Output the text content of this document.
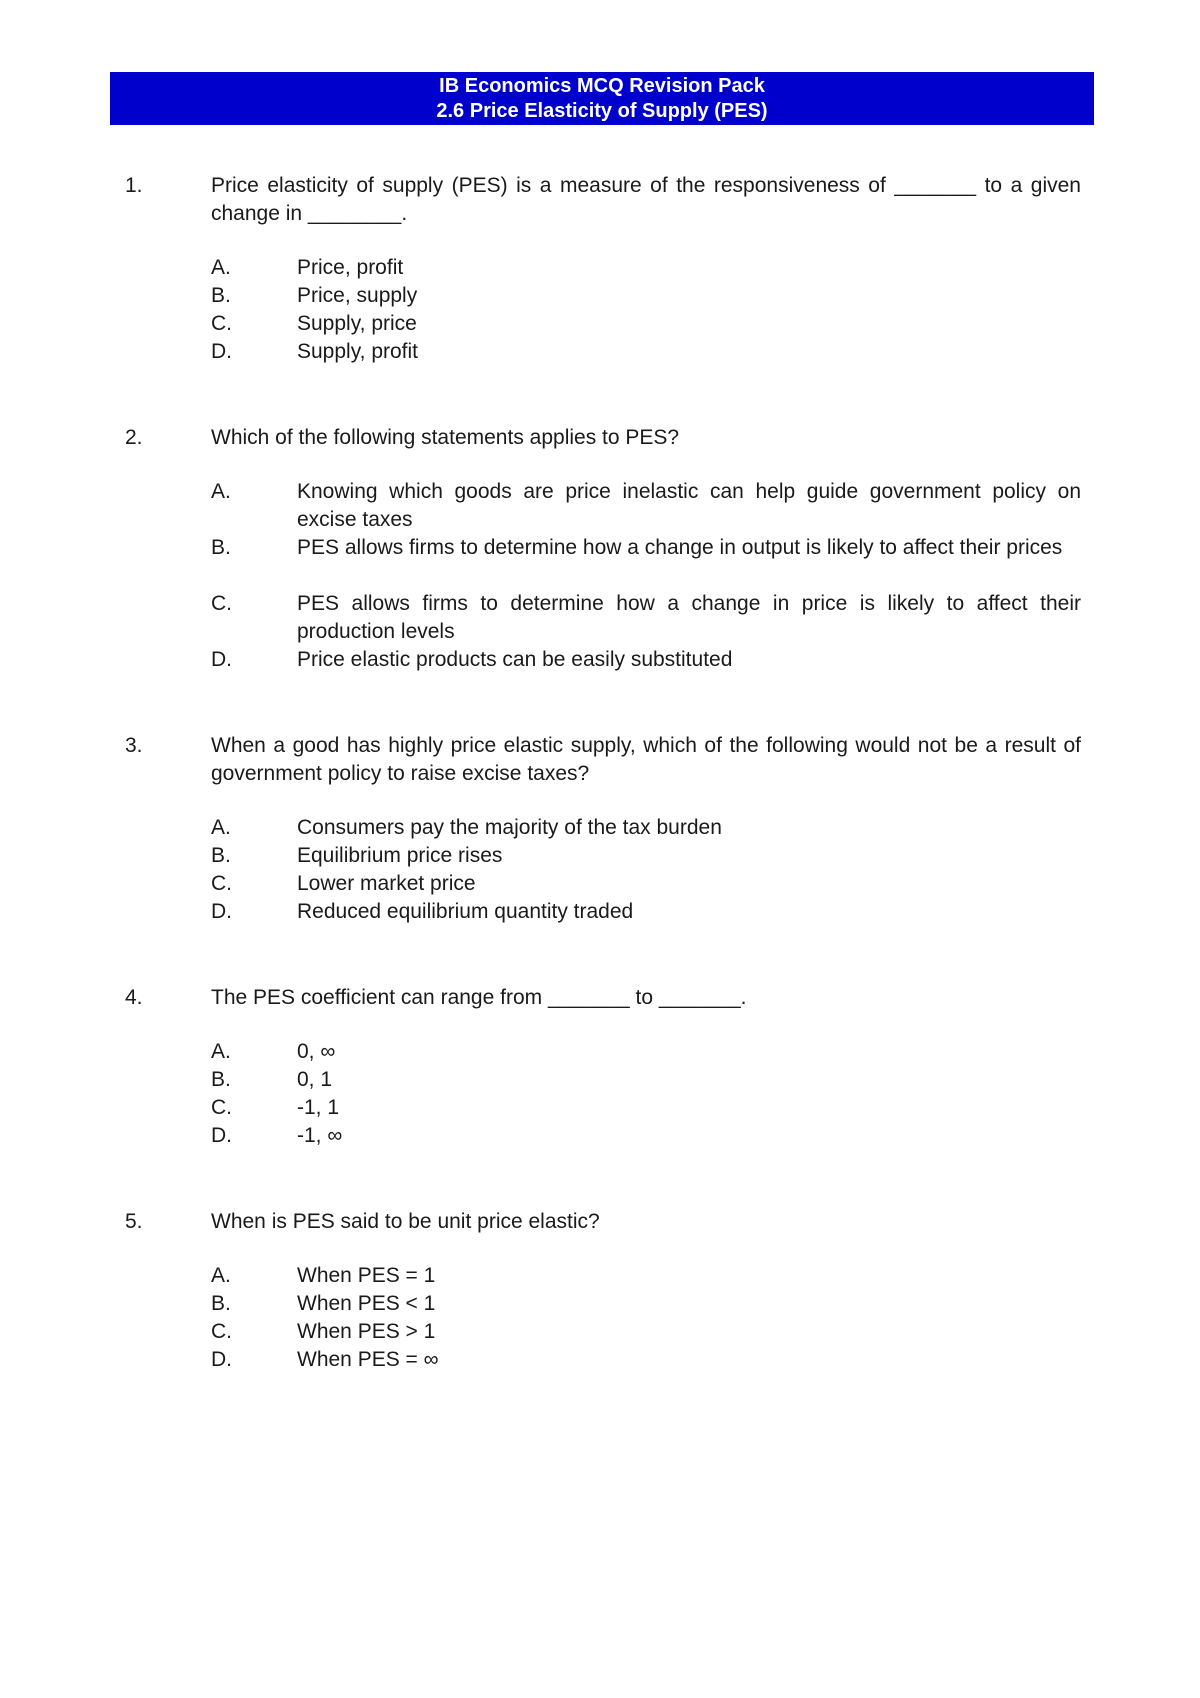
IB Economics MCQ Revision Pack
2.6 Price Elasticity of Supply (PES)
1.	Price elasticity of supply (PES) is a measure of the responsiveness of _______ to a given change in ________.
A.	Price, profit
B.	Price, supply
C.	Supply, price
D.	Supply, profit
2.	Which of the following statements applies to PES?
A.	Knowing which goods are price inelastic can help guide government policy on excise taxes
B.	PES allows firms to determine how a change in output is likely to affect their prices
C.	PES allows firms to determine how a change in price is likely to affect their production levels
D.	Price elastic products can be easily substituted
3.	When a good has highly price elastic supply, which of the following would not be a result of government policy to raise excise taxes?
A.	Consumers pay the majority of the tax burden
B.	Equilibrium price rises
C.	Lower market price
D.	Reduced equilibrium quantity traded
4.	The PES coefficient can range from _______ to _______.
A.	0, ∞
B.	0, 1
C.	-1, 1
D.	-1, ∞
5.	When is PES said to be unit price elastic?
A.	When PES = 1
B.	When PES < 1
C.	When PES > 1
D.	When PES = ∞
